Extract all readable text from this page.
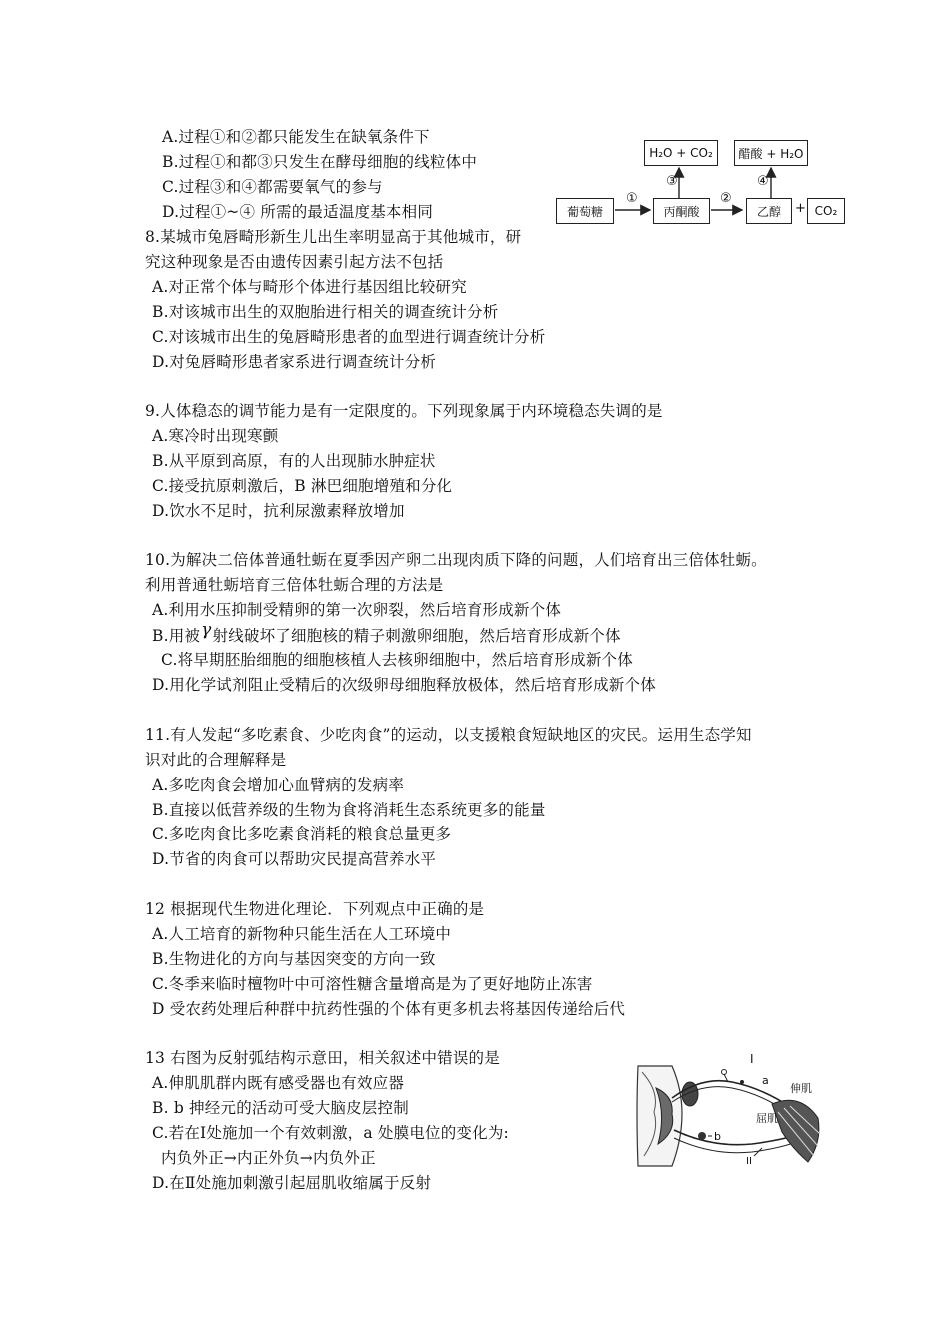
A.过程①和②都只能发生在缺氧条件下
B.过程①和都③只发生在酵母细胞的线粒体中
C.过程③和④都需要氧气的参与
D.过程①~④ 所需的最适温度基本相同	葡萄糖	丙酮酸	乙醇
H₂O + CO₂	醋酸 + H₂O
CO₂
+
①	②
③	④
8.某城市兔唇畸形新生儿出生率明显高于其他城市，研
究这种现象是否由遗传因素引起方法不包括
A.对正常个体与畸形个体进行基因组比较研究
B.对该城市出生的双胞胎进行相关的调查统计分析
C.对该城市出生的兔唇畸形患者的血型进行调查统计分析
D.对兔唇畸形患者家系进行调查统计分析
9.人体稳态的调节能力是有一定限度的。下列现象属于内环境稳态失调的是
A.寒冷时出现寒颤
B.从平原到高原，有的人出现肺水肿症状
C.接受抗原刺激后，B 淋巴细胞增殖和分化
D.饮水不足时，抗利尿激素释放增加
10.为解决二倍体普通牡蛎在夏季因产卵二出现肉质下降的问题，人们培育出三倍体牡蛎。
利用普通牡蛎培育三倍体牡蛎合理的方法是
A.利用水压抑制受精卵的第一次卵裂，然后培育形成新个体
B.用被γ射线破坏了细胞核的精子刺激卵细胞，然后培育形成新个体
C.将早期胚胎细胞的细胞核植人去核卵细胞中，然后培育形成新个体
D.用化学试剂阻止受精后的次级卵母细胞释放极体，然后培育形成新个体
11.有人发起“多吃素食、少吃肉食”的运动，以支援粮食短缺地区的灾民。运用生态学知
识对此的合理解释是
A.多吃肉食会增加心血臂病的发病率
B.直接以低营养级的生物为食将消耗生态系统更多的能量
C.多吃肉食比多吃素食消耗的粮食总量更多
D.节省的肉食可以帮助灾民提高营养水平
12 根据现代生物进化理论．下列观点中正确的是
A.人工培育的新物种只能生活在人工环境中
B.生物进化的方向与基因突变的方向一致
C.冬季来临时檀物叶中可溶性糖含量增高是为了更好地防止冻害
D 受农药处理后种群中抗药性强的个体有更多机去将基因传递给后代
13 右图为反射弧结构示意田，相关叙述中错误的是
A.伸肌肌群内既有感受器也有效应器
B. b 抻经元的活动可受大脑皮层控制
C.若在Ⅰ处施加一个有效刺激，a 处膜电位的变化为:
内负外正→内正外负→内负外正
D.在Ⅱ处施加刺激引起屈肌收缩属于反射
I
a
b
II
伸肌
屈肌
